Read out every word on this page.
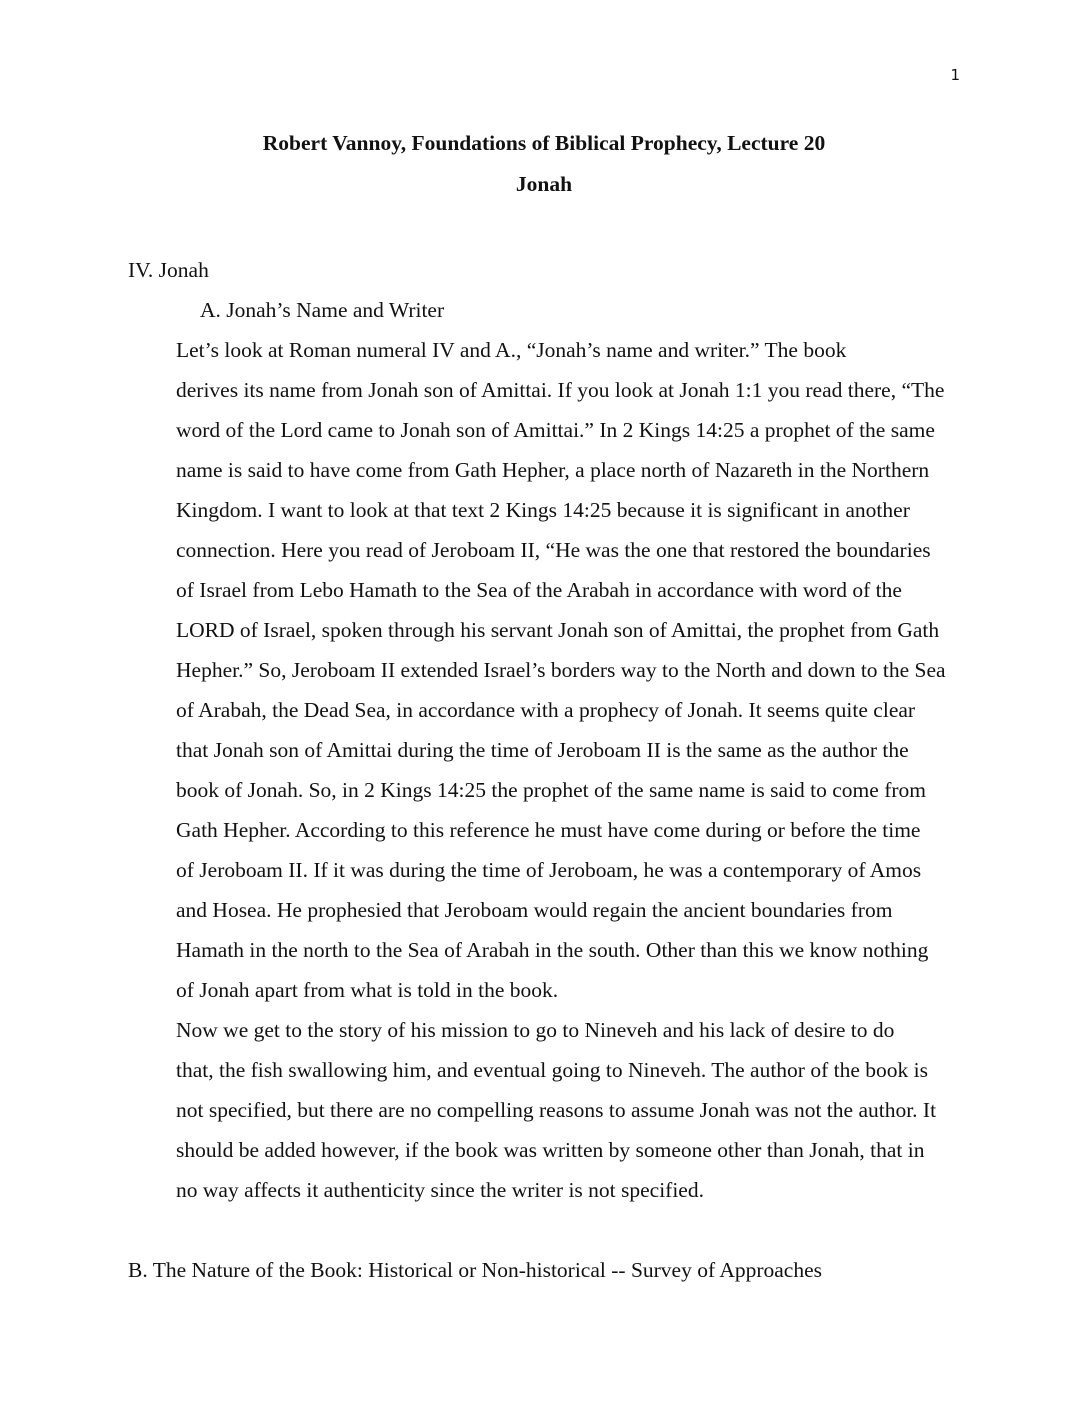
1
Robert Vannoy, Foundations of Biblical Prophecy, Lecture 20
Jonah

IV. Jonah

A. Jonah’s Name and Writer

Let’s look at Roman numeral IV and A., “Jonah’s name and writer.” The book
derives its name from Jonah son of Amittai. If you look at Jonah 1:1 you read there, “The
word of the Lord came to Jonah son of Amittai.” In 2 Kings 14:25 a prophet of the same
name is said to have come from Gath Hepher, a place north of Nazareth in the Northern
Kingdom. I want to look at that text 2 Kings 14:25 because it is significant in another
connection. Here you read of Jeroboam II, “He was the one that restored the boundaries
of Israel from Lebo Hamath to the Sea of the Arabah in accordance with word of the
LORD of Israel, spoken through his servant Jonah son of Amittai, the prophet from Gath
Hepher.” So, Jeroboam II extended Israel’s borders way to the North and down to the Sea
of Arabah, the Dead Sea, in accordance with a prophecy of Jonah. It seems quite clear
that Jonah son of Amittai during the time of Jeroboam II is the same as the author the
book of Jonah. So, in 2 Kings 14:25 the prophet of the same name is said to come from
Gath Hepher. According to this reference he must have come during or before the time
of Jeroboam II. If it was during the time of Jeroboam, he was a contemporary of Amos
and Hosea. He prophesied that Jeroboam would regain the ancient boundaries from
Hamath in the north to the Sea of Arabah in the south. Other than this we know nothing
of Jonah apart from what is told in the book.
Now we get to the story of his mission to go to Nineveh and his lack of desire to do
that, the fish swallowing him, and eventual going to Nineveh. The author of the book is
not specified, but there are no compelling reasons to assume Jonah was not the author. It
should be added however, if the book was written by someone other than Jonah, that in
no way affects it authenticity since the writer is not specified.

B. The Nature of the Book: Historical or Non-historical -- Survey of Approaches
